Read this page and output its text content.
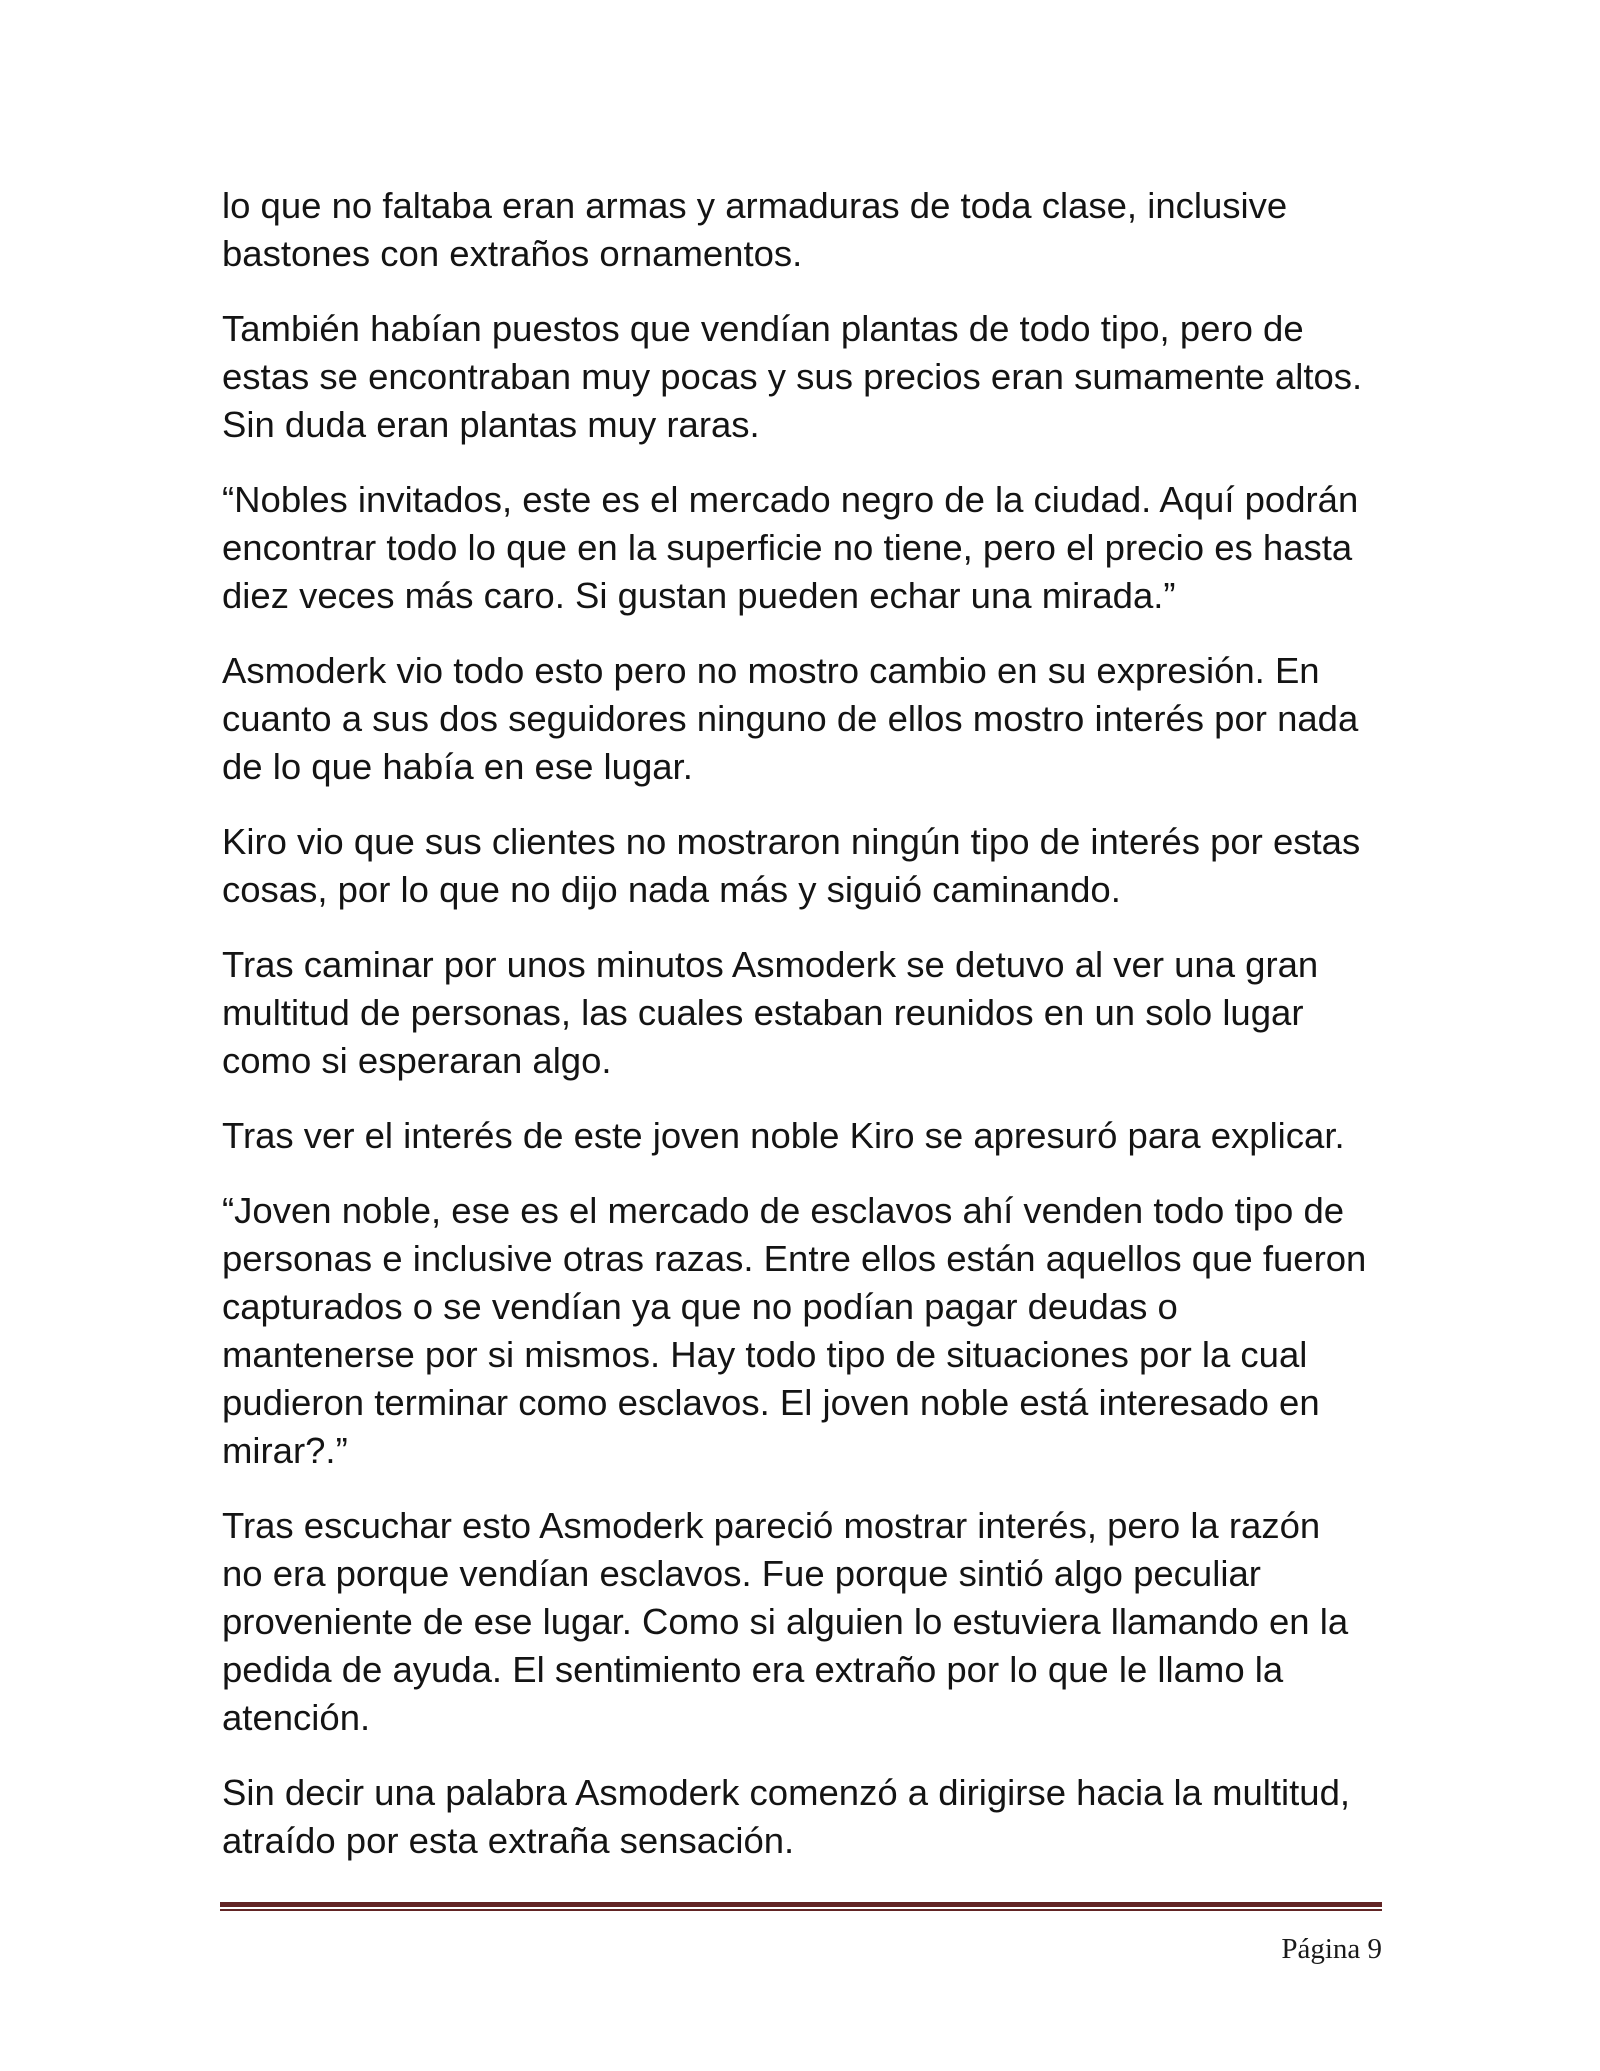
lo que no faltaba eran armas y armaduras de toda clase, inclusive
bastones con extraños ornamentos.

También habían puestos que vendían plantas de todo tipo, pero de
estas se encontraban muy pocas y sus precios eran sumamente altos.
Sin duda eran plantas muy raras.

“Nobles invitados, este es el mercado negro de la ciudad. Aquí podrán
encontrar todo lo que en la superficie no tiene, pero el precio es hasta
diez veces más caro. Si gustan pueden echar una mirada.”

Asmoderk vio todo esto pero no mostro cambio en su expresión. En
cuanto a sus dos seguidores ninguno de ellos mostro interés por nada
de lo que había en ese lugar.

Kiro vio que sus clientes no mostraron ningún tipo de interés por estas
cosas, por lo que no dijo nada más y siguió caminando.

Tras caminar por unos minutos Asmoderk se detuvo al ver una gran
multitud de personas, las cuales estaban reunidos en un solo lugar
como si esperaran algo.

Tras ver el interés de este joven noble Kiro se apresuró para explicar.

“Joven noble, ese es el mercado de esclavos ahí venden todo tipo de
personas e inclusive otras razas. Entre ellos están aquellos que fueron
capturados o se vendían ya que no podían pagar deudas o
mantenerse por si mismos. Hay todo tipo de situaciones por la cual
pudieron terminar como esclavos. El joven noble está interesado en
mirar?.”

Tras escuchar esto Asmoderk pareció mostrar interés, pero la razón
no era porque vendían esclavos. Fue porque sintió algo peculiar
proveniente de ese lugar. Como si alguien lo estuviera llamando en la
pedida de ayuda. El sentimiento era extraño por lo que le llamo la
atención.

Sin decir una palabra Asmoderk comenzó a dirigirse hacia la multitud,
atraído por esta extraña sensación.

Página 9
